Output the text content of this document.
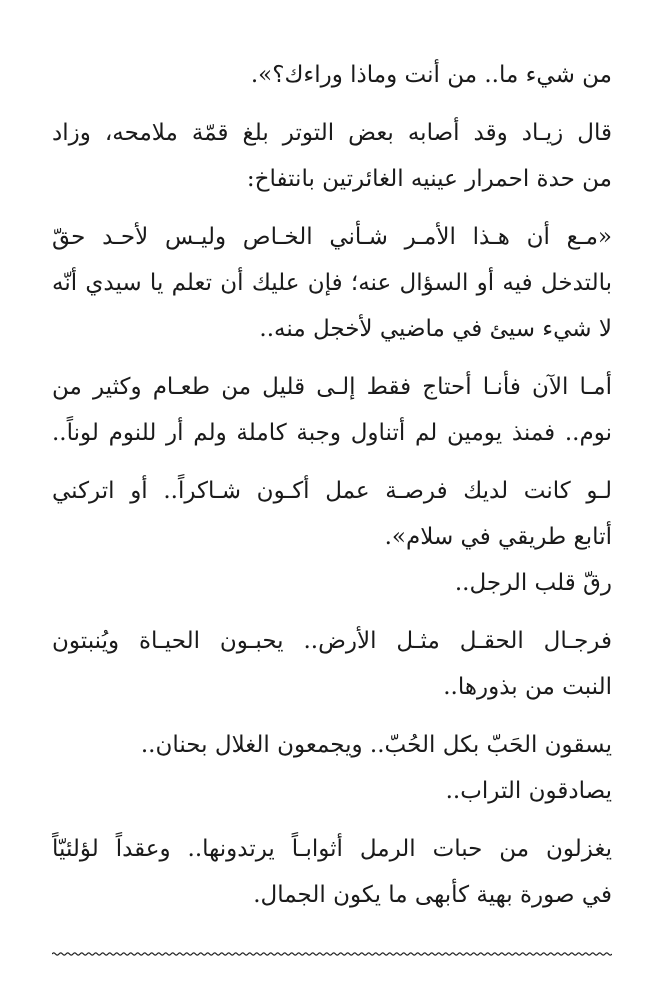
من شيء ما.. من أنت وماذا وراءك؟».
قال زيـاد وقد أصابه بعض التوتر بلغ قمّة ملامحه، وزاد
من حدة احمرار عينيه الغائرتين بانتفاخ:
«مـع أن هـذا الأمـر شـأني الخـاص وليـس لأحـد حقّ
بالتدخل فيه أو السؤال عنه؛ فإن عليك أن تعلم يا سيدي أنّه
لا شيء سيئ في ماضيي لأخجل منه..
أمـا الآن فأنـا أحتاج فقط إلـى قليل من طعـام وكثير من
نوم.. فمنذ يومين لم أتناول وجبة كاملة ولم أر للنوم لوناً..
لـو كانت لديك فرصـة عمل أكـون شـاكراً.. أو اتركني
أتابع طريقي في سلام».
رقّ قلب الرجل..
فرجـال الحقـل مثـل الأرض.. يحبـون الحيـاة ويُنبتون
النبت من بذورها..
يسقون الحَبّ بكل الحُبّ.. ويجمعون الغلال بحنان..
يصادقون التراب..
يغزلون من حبات الرمل أثوابـاً يرتدونها.. وعقداً لؤلئيّاً
في صورة بهية كأبهى ما يكون الجمال.
